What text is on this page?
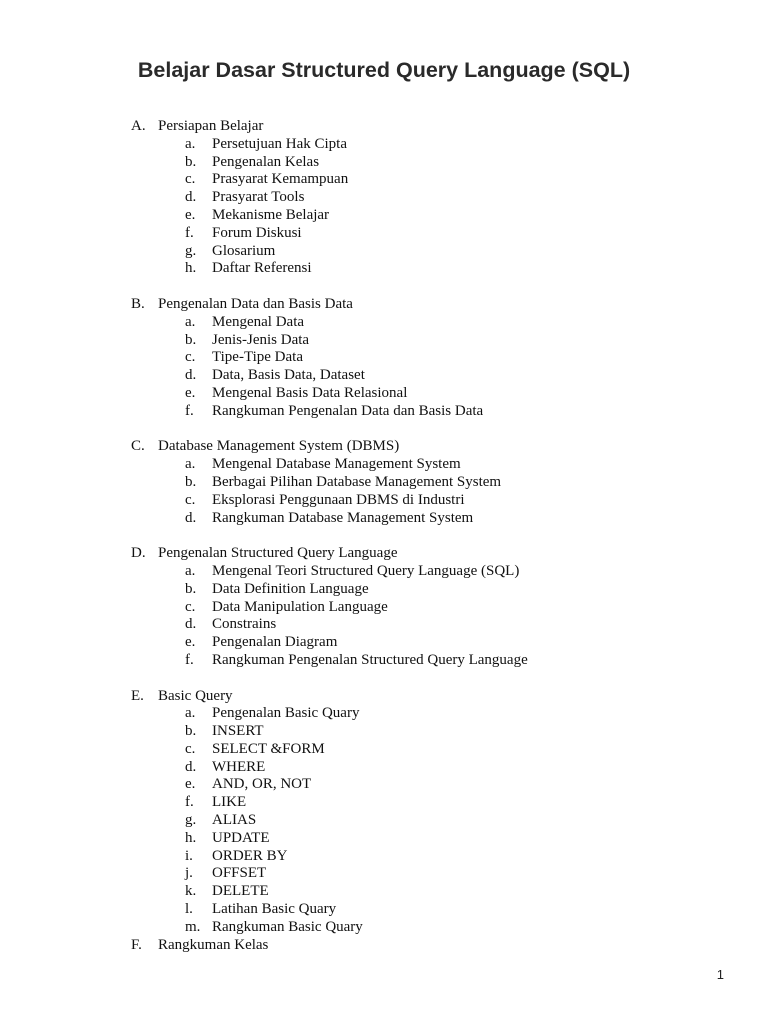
Belajar Dasar Structured Query Language (SQL)
A. Persiapan Belajar
a.	Persetujuan Hak Cipta
b.	Pengenalan Kelas
c.	Prasyarat Kemampuan
d.	Prasyarat Tools
e.	Mekanisme Belajar
f.	Forum Diskusi
g.	Glosarium
h.	Daftar Referensi
B. Pengenalan Data dan Basis Data
a.	Mengenal Data
b.	Jenis-Jenis Data
c.	Tipe-Tipe Data
d.	Data, Basis Data, Dataset
e.	Mengenal Basis Data Relasional
f.	Rangkuman Pengenalan Data dan Basis Data
C. Database Management System (DBMS)
a.	Mengenal Database Management System
b.	Berbagai Pilihan Database Management System
c.	Eksplorasi Penggunaan DBMS di Industri
d.	Rangkuman Database Management System
D. Pengenalan Structured Query Language
a.	Mengenal Teori Structured Query Language (SQL)
b.	Data Definition Language
c.	Data Manipulation Language
d.	Constrains
e.	Pengenalan Diagram
f.	Rangkuman Pengenalan Structured Query Language
E. Basic Query
a.	Pengenalan Basic Quary
b.	INSERT
c.	SELECT &FORM
d.	WHERE
e.	AND, OR, NOT
f.	LIKE
g.	ALIAS
h.	UPDATE
i.	ORDER BY
j.	OFFSET
k.	DELETE
l.	Latihan Basic Quary
m. Rangkuman Basic Quary
F.	Rangkuman Kelas
1
